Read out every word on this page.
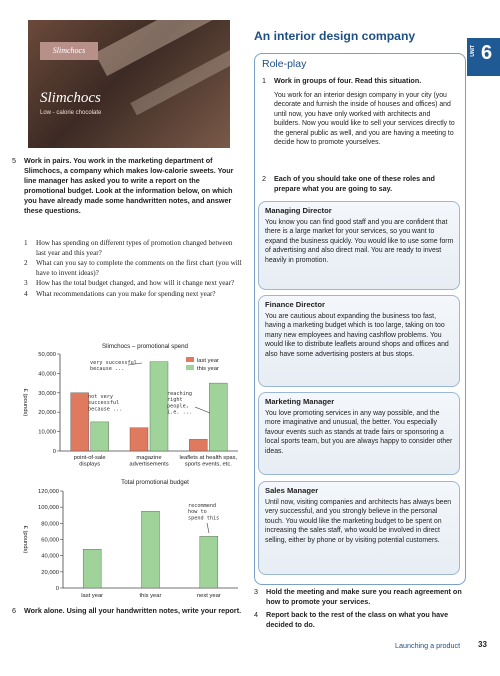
Slimchocs
Slimchocs
Low - calorie chocolate
5 Work in pairs. You work in the marketing department of Slimchocs, a company which makes low-calorie sweets. Your line manager has asked you to write a report on the promotional budget. Look at the information below, on which you have already made some handwritten notes, and answer these questions.
1 How has spending on different types of promotion changed between last year and this year?
2 What can you say to complete the comments on the first chart (you will have to invent ideas)?
3 How has the total budget changed, and how will it change next year?
4 What recommendations can you make for spending next year?
Slimchocs – promotional spend
0
10,000
20,000
30,000
40,000
50,000
£ (pounds)
point-of-sale
displays
magazine
advertisements
leaflets at health spas,
sports events, etc.
last year
this year
very successful
because ...
not very
successful
because ...
reaching
right
people,
i.e. ...
Total promotional budget
0
20,000
40,000
60,000
80,000
100,000
120,000
£ (pounds)
last year	this year	next year
recommend
how to
spend this
6 Work alone. Using all your handwritten notes, write your report.
An interior design company
UNIT 6
Role-play
1 Work in groups of four. Read this situation.
You work for an interior design company in your city (you decorate and furnish the inside of houses and offices) and until now, you have only worked with architects and builders. Now you would like to sell your services directly to the general public as well, and you are having a meeting to decide how to promote yourselves.
2 Each of you should take one of these roles and prepare what you are going to say.
Managing Director
You know you can find good staff and you are confident that there is a large market for your services, so you want to expand the business quickly. You would like to use some form of advertising and also direct mail. You are ready to invest heavily in promotion.
Finance Director
You are cautious about expanding the business too fast, having a marketing budget which is too large, taking on too many new employees and having cashflow problems. You would like to distribute leaflets around shops and offices and also have some advertising posters at bus stops.
Marketing Manager
You love promoting services in any way possible, and the more imaginative and unusual, the better. You especially favour events such as stands at trade fairs or sponsoring a local sports team, but you are always happy to consider other ideas.
Sales Manager
Until now, visiting companies and architects has always been very successful, and you strongly believe in the personal touch. You would like the marketing budget to be spent on increasing the sales staff, who would be involved in direct selling, either by phone or by visiting potential customers.
3 Hold the meeting and make sure you reach agreement on how to promote your services.
4 Report back to the rest of the class on what you have decided to do.
Launching a product 33
